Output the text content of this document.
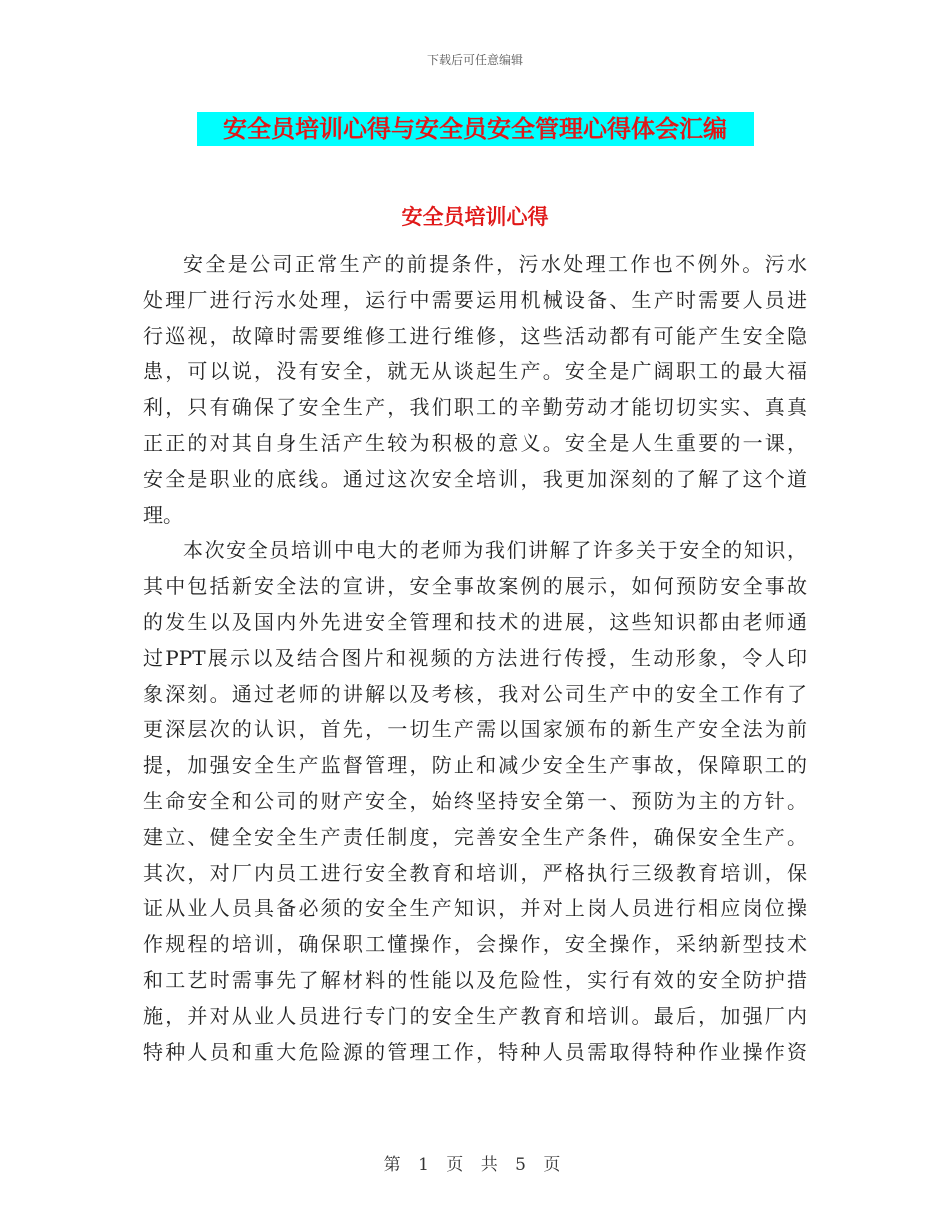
下载后可任意编辑
安全员培训心得与安全员安全管理心得体会汇编
安全员培训心得
安全是公司正常生产的前提条件，污水处理工作也不例外。污水
处理厂进行污水处理，运行中需要运用机械设备、生产时需要人员进
行巡视，故障时需要维修工进行维修，这些活动都有可能产生安全隐
患，可以说，没有安全，就无从谈起生产。安全是广阔职工的最大福
利，只有确保了安全生产，我们职工的辛勤劳动才能切切实实、真真
正正的对其自身生活产生较为积极的意义。安全是人生重要的一课，
安全是职业的底线。通过这次安全培训，我更加深刻的了解了这个道
理。
本次安全员培训中电大的老师为我们讲解了许多关于安全的知识，
其中包括新安全法的宣讲，安全事故案例的展示，如何预防安全事故
的发生以及国内外先进安全管理和技术的进展，这些知识都由老师通
过PPT展示以及结合图片和视频的方法进行传授，生动形象，令人印
象深刻。通过老师的讲解以及考核，我对公司生产中的安全工作有了
更深层次的认识，首先，一切生产需以国家颁布的新生产安全法为前
提，加强安全生产监督管理，防止和减少安全生产事故，保障职工的
生命安全和公司的财产安全，始终坚持安全第一、预防为主的方针。
建立、健全安全生产责任制度，完善安全生产条件，确保安全生产。
其次，对厂内员工进行安全教育和培训，严格执行三级教育培训，保
证从业人员具备必须的安全生产知识，并对上岗人员进行相应岗位操
作规程的培训，确保职工懂操作，会操作，安全操作，采纳新型技术
和工艺时需事先了解材料的性能以及危险性，实行有效的安全防护措
施，并对从业人员进行专门的安全生产教育和培训。最后，加强厂内
特种人员和重大危险源的管理工作，特种人员需取得特种作业操作资
第 1 页 共 5 页
